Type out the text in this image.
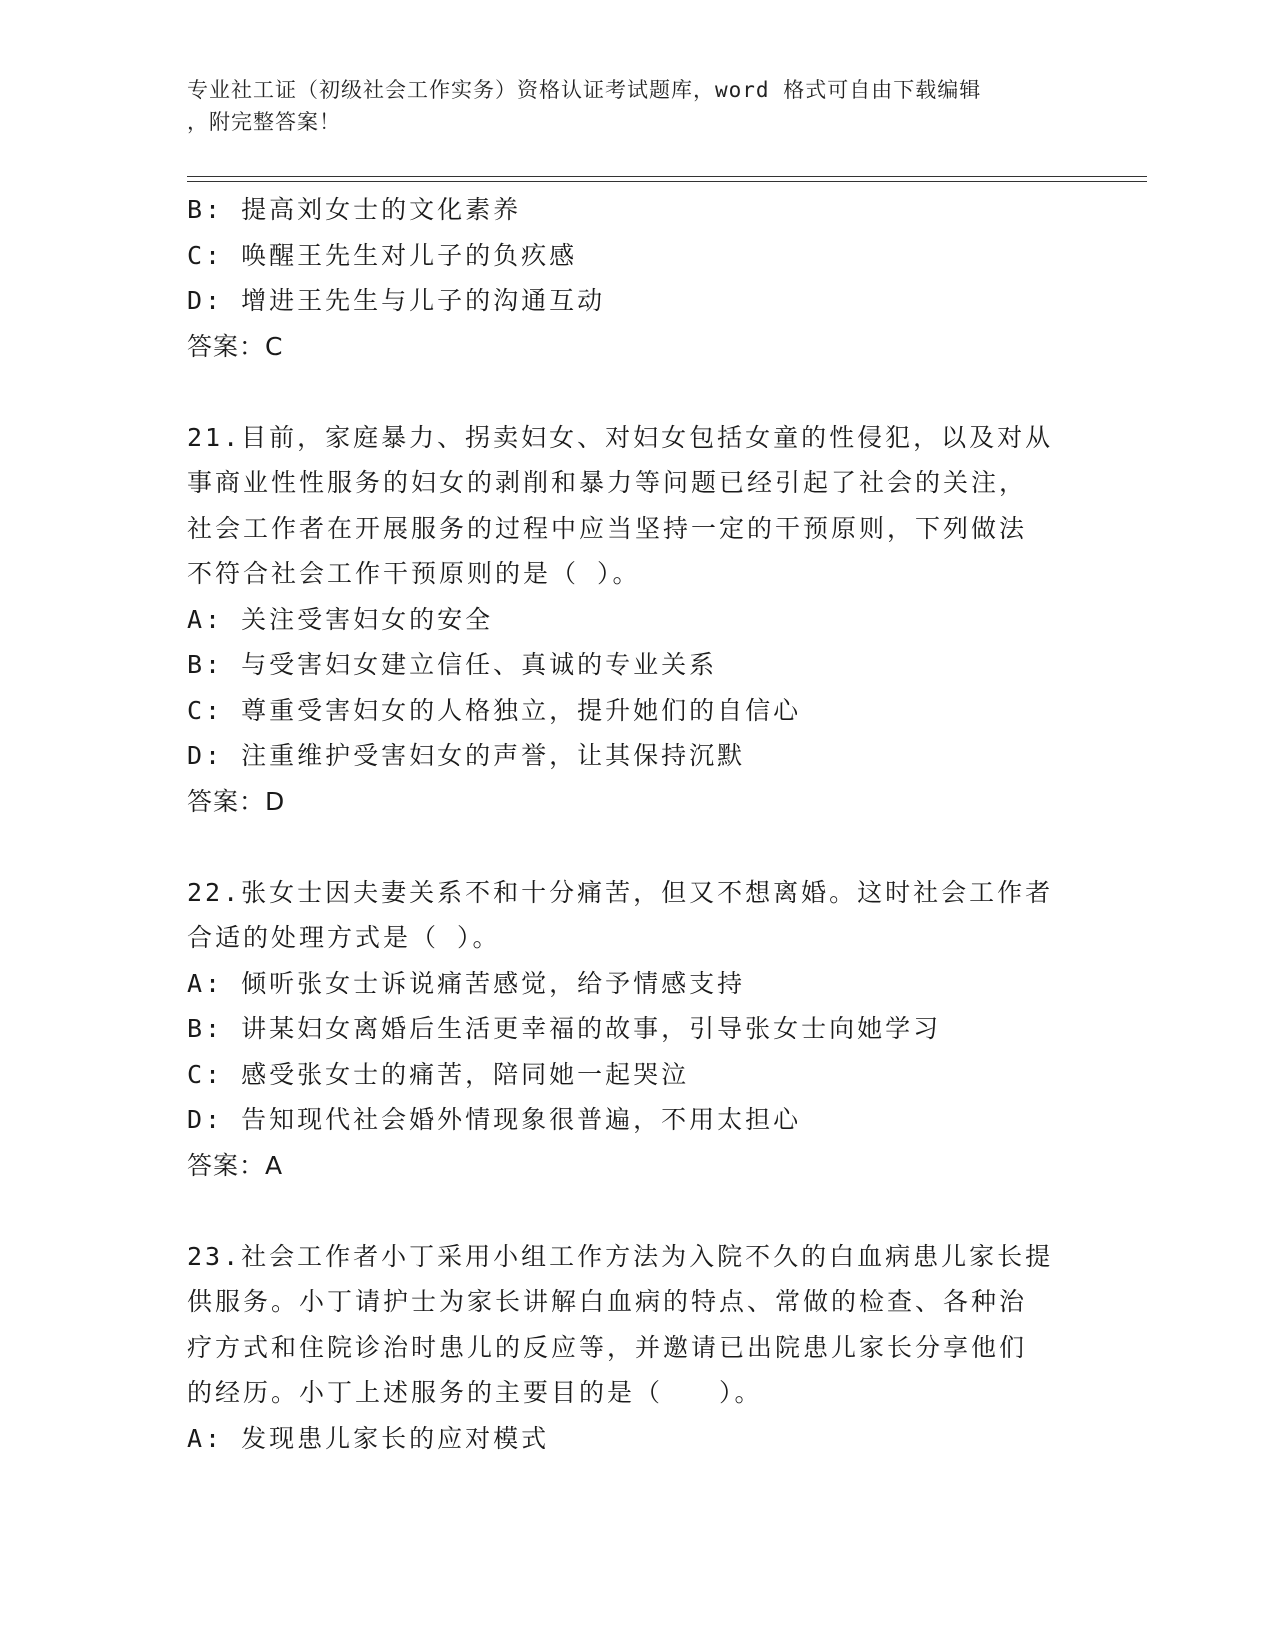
专业社工证（初级社会工作实务）资格认证考试题库，word 格式可自由下载编辑
，附完整答案！
B: 提高刘女士的文化素养
C: 唤醒王先生对儿子的负疚感
D: 增进王先生与儿子的沟通互动
答案：C
21.目前，家庭暴力、拐卖妇女、对妇女包括女童的性侵犯，以及对从
事商业性性服务的妇女的剥削和暴力等问题已经引起了社会的关注，
社会工作者在开展服务的过程中应当坚持一定的干预原则，下列做法
不符合社会工作干预原则的是（ ）。
A: 关注受害妇女的安全
B: 与受害妇女建立信任、真诚的专业关系
C: 尊重受害妇女的人格独立，提升她们的自信心
D: 注重维护受害妇女的声誉，让其保持沉默
答案：D
22.张女士因夫妻关系不和十分痛苦，但又不想离婚。这时社会工作者
合适的处理方式是（ ）。
A: 倾听张女士诉说痛苦感觉，给予情感支持
B: 讲某妇女离婚后生活更幸福的故事，引导张女士向她学习
C: 感受张女士的痛苦，陪同她一起哭泣
D: 告知现代社会婚外情现象很普遍，不用太担心
答案：A
23.社会工作者小丁采用小组工作方法为入院不久的白血病患儿家长提
供服务。小丁请护士为家长讲解白血病的特点、常做的检查、各种治
疗方式和住院诊治时患儿的反应等，并邀请已出院患儿家长分享他们
的经历。小丁上述服务的主要目的是（　　）。
A: 发现患儿家长的应对模式
